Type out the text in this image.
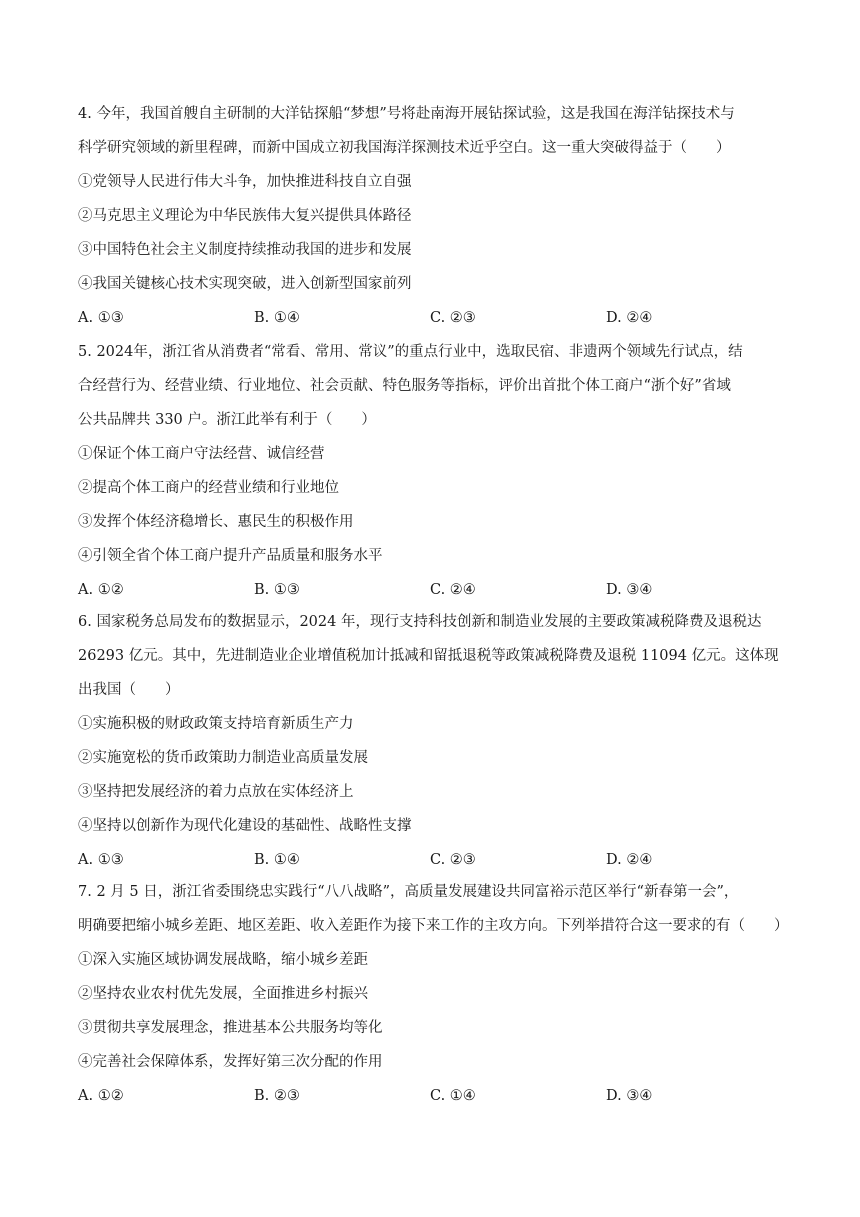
4. 今年，我国首艘自主研制的大洋钻探船“梦想”号将赴南海开展钻探试验，这是我国在海洋钻探技术与
科学研究领域的新里程碑，而新中国成立初我国海洋探测技术近乎空白。这一重大突破得益于（　　）
①党领导人民进行伟大斗争，加快推进科技自立自强
②马克思主义理论为中华民族伟大复兴提供具体路径
③中国特色社会主义制度持续推动我国的进步和发展
④我国关键核心技术实现突破，进入创新型国家前列
A. ①③	B. ①④	C. ②③	D. ②④
5. 2024年，浙江省从消费者“常看、常用、常议”的重点行业中，选取民宿、非遗两个领域先行试点，结
合经营行为、经营业绩、行业地位、社会贡献、特色服务等指标，评价出首批个体工商户“浙个好”省域
公共品牌共 330 户。浙江此举有利于（　　）
①保证个体工商户守法经营、诚信经营
②提高个体工商户的经营业绩和行业地位
③发挥个体经济稳增长、惠民生的积极作用
④引领全省个体工商户提升产品质量和服务水平
A. ①②	B. ①③	C. ②④	D. ③④
6. 国家税务总局发布的数据显示，2024 年，现行支持科技创新和制造业发展的主要政策减税降费及退税达
26293 亿元。其中，先进制造业企业增值税加计抵减和留抵退税等政策减税降费及退税 11094 亿元。这体现
出我国（　　）
①实施积极的财政政策支持培育新质生产力
②实施宽松的货币政策助力制造业高质量发展
③坚持把发展经济的着力点放在实体经济上
④坚持以创新作为现代化建设的基础性、战略性支撑
A. ①③	B. ①④	C. ②③	D. ②④
7. 2 月 5 日，浙江省委围绕忠实践行“八八战略”，高质量发展建设共同富裕示范区举行“新春第一会”，
明确要把缩小城乡差距、地区差距、收入差距作为接下来工作的主攻方向。下列举措符合这一要求的有（　　）
①深入实施区域协调发展战略，缩小城乡差距
②坚持农业农村优先发展，全面推进乡村振兴
③贯彻共享发展理念，推进基本公共服务均等化
④完善社会保障体系，发挥好第三次分配的作用
A. ①②	B. ②③	C. ①④	D. ③④
